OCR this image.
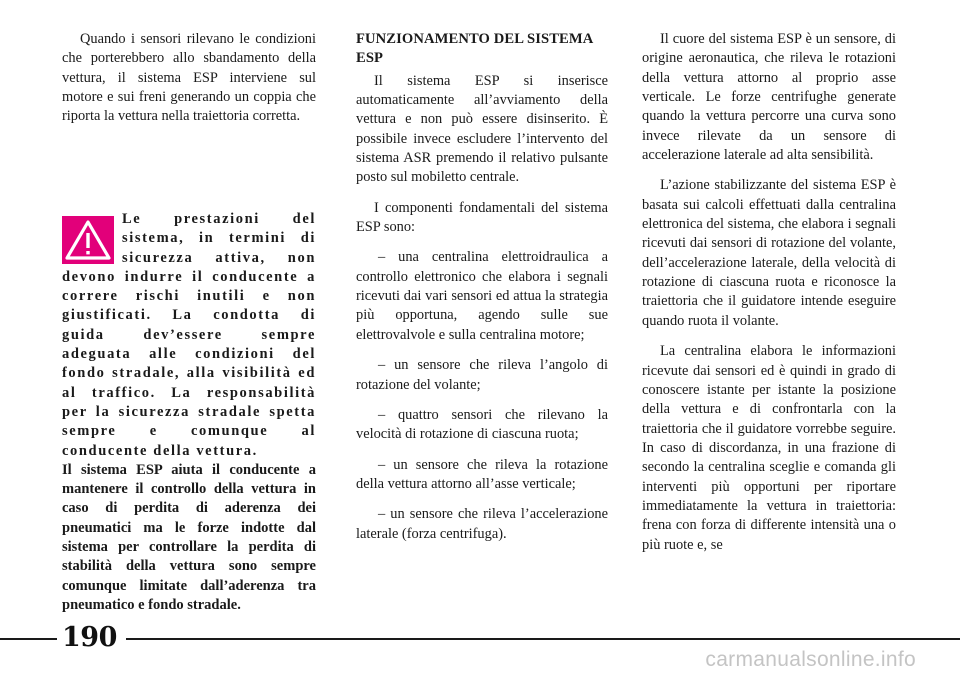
Quando i sensori rilevano le condizioni che porterebbero allo sbandamento della vettura, il sistema ESP interviene sul motore e sui freni generando un coppia che riporta la vettura nella traiettoria corretta.

Le prestazioni del sistema, in termini di sicurezza attiva, non devono indurre il conducente a correre rischi inutili e non giustificati. La condotta di guida dev’essere sempre adeguata alle condizioni del fondo stradale, alla visibilità ed al traffico. La responsabilità per la sicurezza stradale spetta sempre e comunque al conducente della vettura.

Il sistema ESP aiuta il conducente a mantenere il controllo della vettura in caso di perdita di aderenza dei pneumatici ma le forze indotte dal sistema per controllare la perdita di stabilità della vettura sono sempre comunque limitate dall’aderenza tra pneumatico e fondo stradale.

FUNZIONAMENTO DEL SISTEMA ESP

Il sistema ESP si inserisce automaticamente all’avviamento della vettura e non può essere disinserito. È possibile invece escludere l’intervento del sistema ASR premendo il relativo pulsante posto sul mobiletto centrale.

I componenti fondamentali del sistema ESP sono:

– una centralina elettroidraulica a controllo elettronico che elabora i segnali ricevuti dai vari sensori ed attua la strategia più opportuna, agendo sulle sue elettrovalvole e sulla centralina motore;

– un sensore che rileva l’angolo di rotazione del volante;

– quattro sensori che rilevano la velocità di rotazione di ciascuna ruota;

– un sensore che rileva la rotazione della vettura attorno all’asse verticale;

– un sensore che rileva l’accelerazione laterale (forza centrifuga).

Il cuore del sistema ESP è un sensore, di origine aeronautica, che rileva le rotazioni della vettura attorno al proprio asse verticale. Le forze centrifughe generate quando la vettura percorre una curva sono invece rilevate da un sensore di accelerazione laterale ad alta sensibilità.

L’azione stabilizzante del sistema ESP è basata sui calcoli effettuati dalla centralina elettronica del sistema, che elabora i segnali ricevuti dai sensori di rotazione del volante, dell’accelerazione laterale, della velocità di rotazione di ciascuna ruota e riconosce la traiettoria che il guidatore intende eseguire quando ruota il volante.

La centralina elabora le informazioni ricevute dai sensori ed è quindi in grado di conoscere istante per istante la posizione della vettura e di confrontarla con la traiettoria che il guidatore vorrebbe seguire. In caso di discordanza, in una frazione di secondo la centralina sceglie e comanda gli interventi più opportuni per riportare immediatamente la vettura in traiettoria: frena con forza di differente intensità una o più ruote e, se

190
carmanualsonline.info
